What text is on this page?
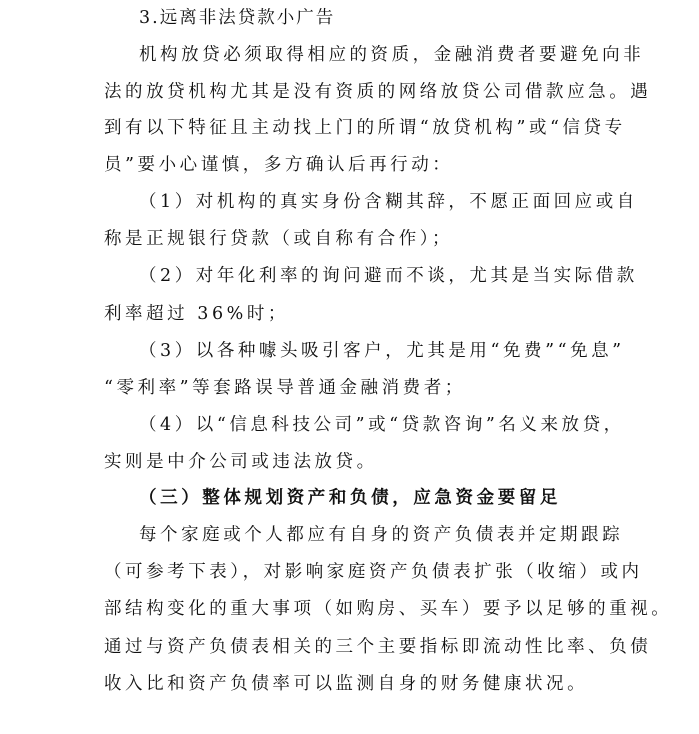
3.远离非法贷款小广告
机构放贷必须取得相应的资质，金融消费者要避免向非
法的放贷机构尤其是没有资质的网络放贷公司借款应急。遇
到有以下特征且主动找上门的所谓“放贷机构”或“信贷专
员”要小心谨慎，多方确认后再行动：
（1）对机构的真实身份含糊其辞，不愿正面回应或自
称是正规银行贷款（或自称有合作）；
（2）对年化利率的询问避而不谈，尤其是当实际借款
利率超过 36%时；
（3）以各种噱头吸引客户，尤其是用“免费”“免息”
“零利率”等套路误导普通金融消费者；
（4）以“信息科技公司”或“贷款咨询”名义来放贷，
实则是中介公司或违法放贷。
（三）整体规划资产和负债，应急资金要留足
每个家庭或个人都应有自身的资产负债表并定期跟踪
（可参考下表），对影响家庭资产负债表扩张（收缩）或内
部结构变化的重大事项（如购房、买车）要予以足够的重视。
通过与资产负债表相关的三个主要指标即流动性比率、负债
收入比和资产负债率可以监测自身的财务健康状况。
